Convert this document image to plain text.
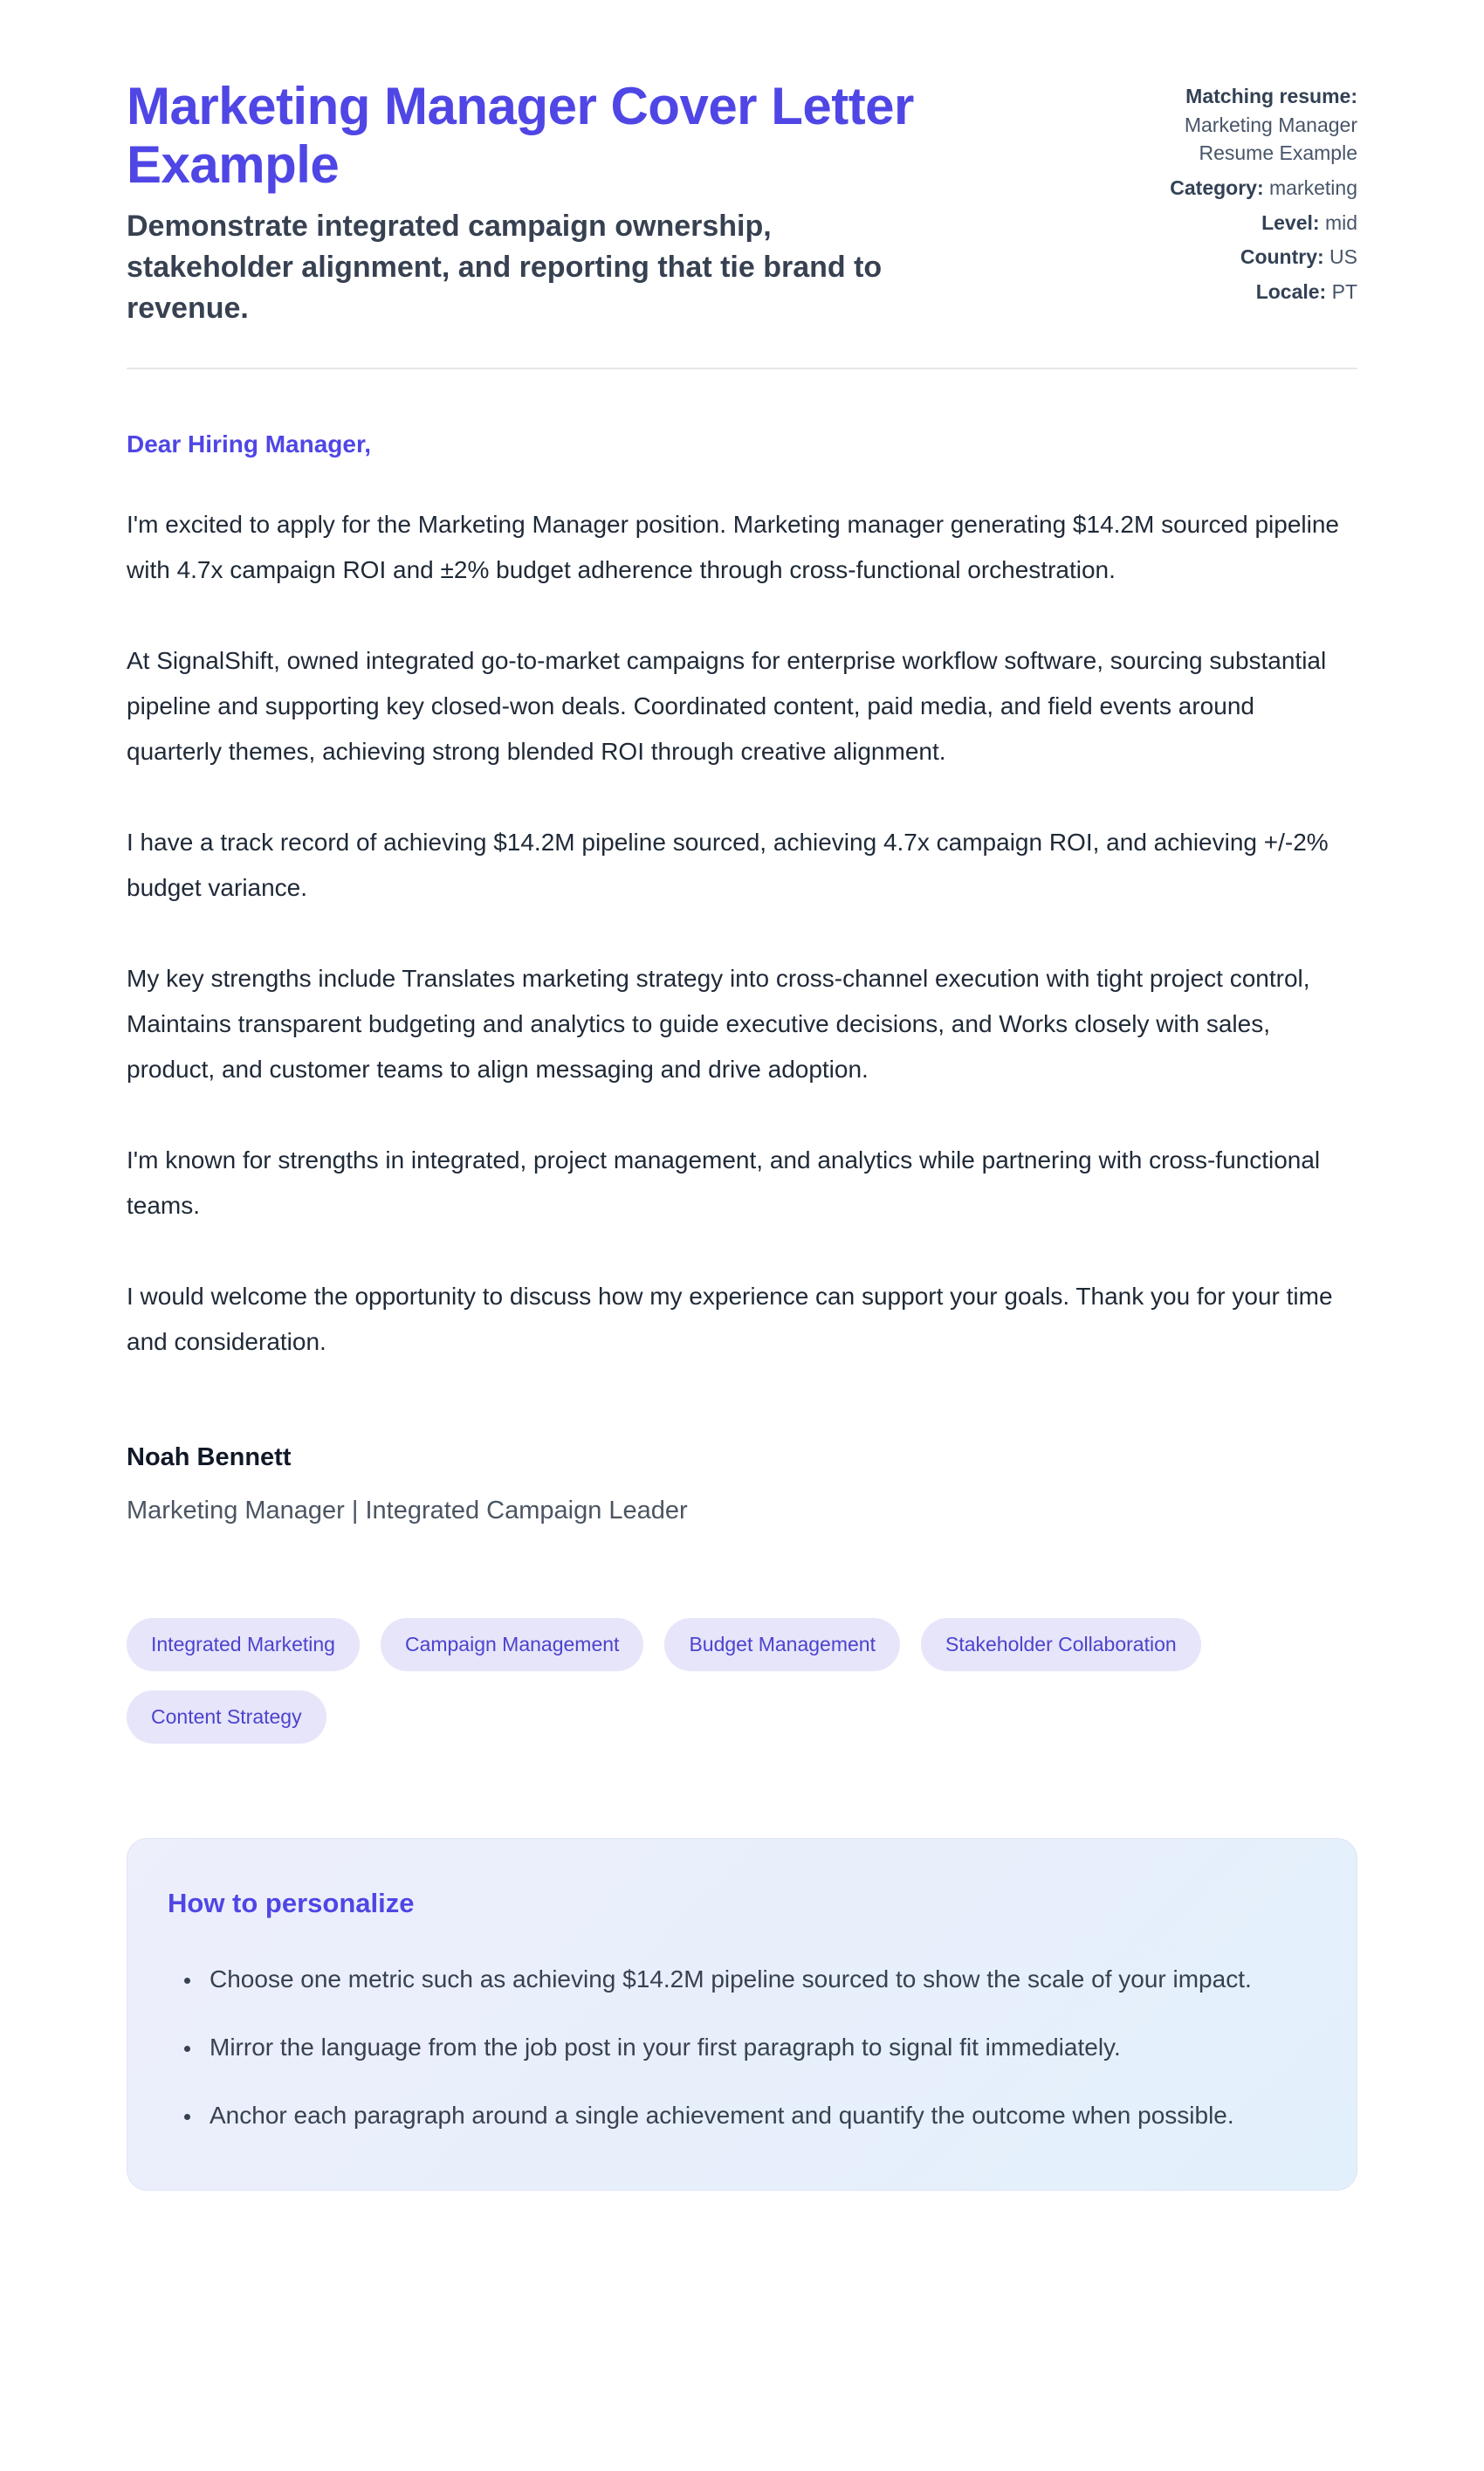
Marketing Manager Cover Letter Example

Demonstrate integrated campaign ownership, stakeholder alignment, and reporting that tie brand to revenue.

Matching resume: Marketing Manager Resume Example
Category: marketing
Level: mid
Country: US
Locale: PT

Dear Hiring Manager,

I'm excited to apply for the Marketing Manager position. Marketing manager generating $14.2M sourced pipeline with 4.7x campaign ROI and ±2% budget adherence through cross-functional orchestration.

At SignalShift, owned integrated go-to-market campaigns for enterprise workflow software, sourcing substantial pipeline and supporting key closed-won deals. Coordinated content, paid media, and field events around quarterly themes, achieving strong blended ROI through creative alignment.

I have a track record of achieving $14.2M pipeline sourced, achieving 4.7x campaign ROI, and achieving +/-2% budget variance.

My key strengths include Translates marketing strategy into cross-channel execution with tight project control, Maintains transparent budgeting and analytics to guide executive decisions, and Works closely with sales, product, and customer teams to align messaging and drive adoption.

I'm known for strengths in integrated, project management, and analytics while partnering with cross-functional teams.

I would welcome the opportunity to discuss how my experience can support your goals. Thank you for your time and consideration.

Noah Bennett

Marketing Manager | Integrated Campaign Leader

Integrated Marketing	Campaign Management	Budget Management	Stakeholder Collaboration
Content Strategy
How to personalize
• Choose one metric such as achieving $14.2M pipeline sourced to show the scale of your impact.
• Mirror the language from the job post in your first paragraph to signal fit immediately.
• Anchor each paragraph around a single achievement and quantify the outcome when possible.
